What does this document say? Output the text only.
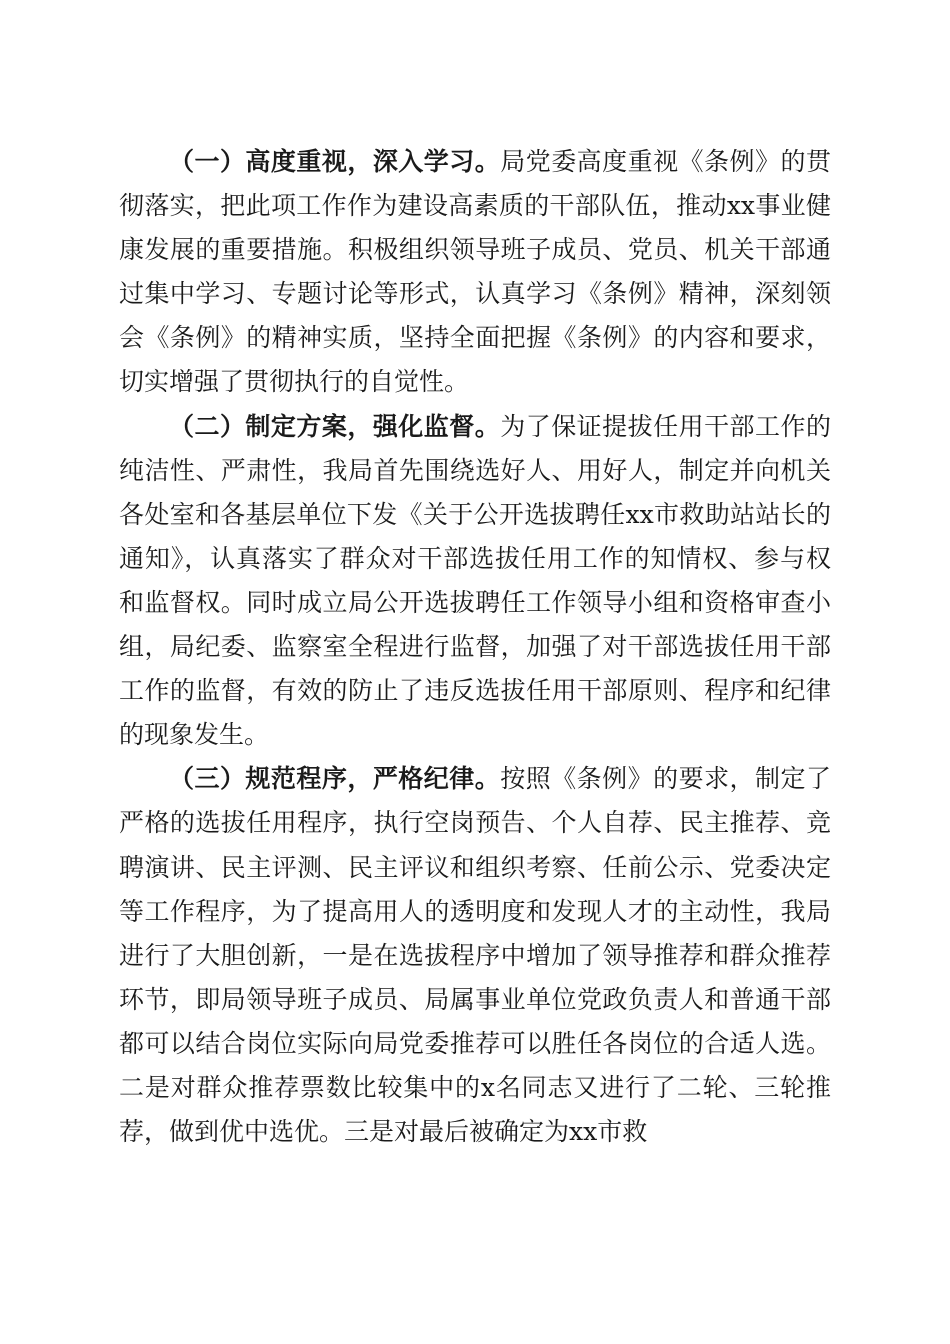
（一）高度重视，深入学习。局党委高度重视《条例》的贯彻落实，把此项工作作为建设高素质的干部队伍，推动xx事业健康发展的重要措施。积极组织领导班子成员、党员、机关干部通过集中学习、专题讨论等形式，认真学习《条例》精神，深刻领会《条例》的精神实质，坚持全面把握《条例》的内容和要求，切实增强了贯彻执行的自觉性。

（二）制定方案，强化监督。为了保证提拔任用干部工作的纯洁性、严肃性，我局首先围绕选好人、用好人，制定并向机关各处室和各基层单位下发《关于公开选拔聘任xx市救助站站长的通知》，认真落实了群众对干部选拔任用工作的知情权、参与权和监督权。同时成立局公开选拔聘任工作领导小组和资格审查小组，局纪委、监察室全程进行监督，加强了对干部选拔任用干部工作的监督，有效的防止了违反选拔任用干部原则、程序和纪律的现象发生。

（三）规范程序，严格纪律。按照《条例》的要求，制定了严格的选拔任用程序，执行空岗预告、个人自荐、民主推荐、竞聘演讲、民主评测、民主评议和组织考察、任前公示、党委决定等工作程序，为了提高用人的透明度和发现人才的主动性，我局进行了大胆创新，一是在选拔程序中增加了领导推荐和群众推荐环节，即局领导班子成员、局属事业单位党政负责人和普通干部都可以结合岗位实际向局党委推荐可以胜任各岗位的合适人选。二是对群众推荐票数比较集中的x名同志又进行了二轮、三轮推荐，做到优中选优。三是对最后被确定为xx市救
